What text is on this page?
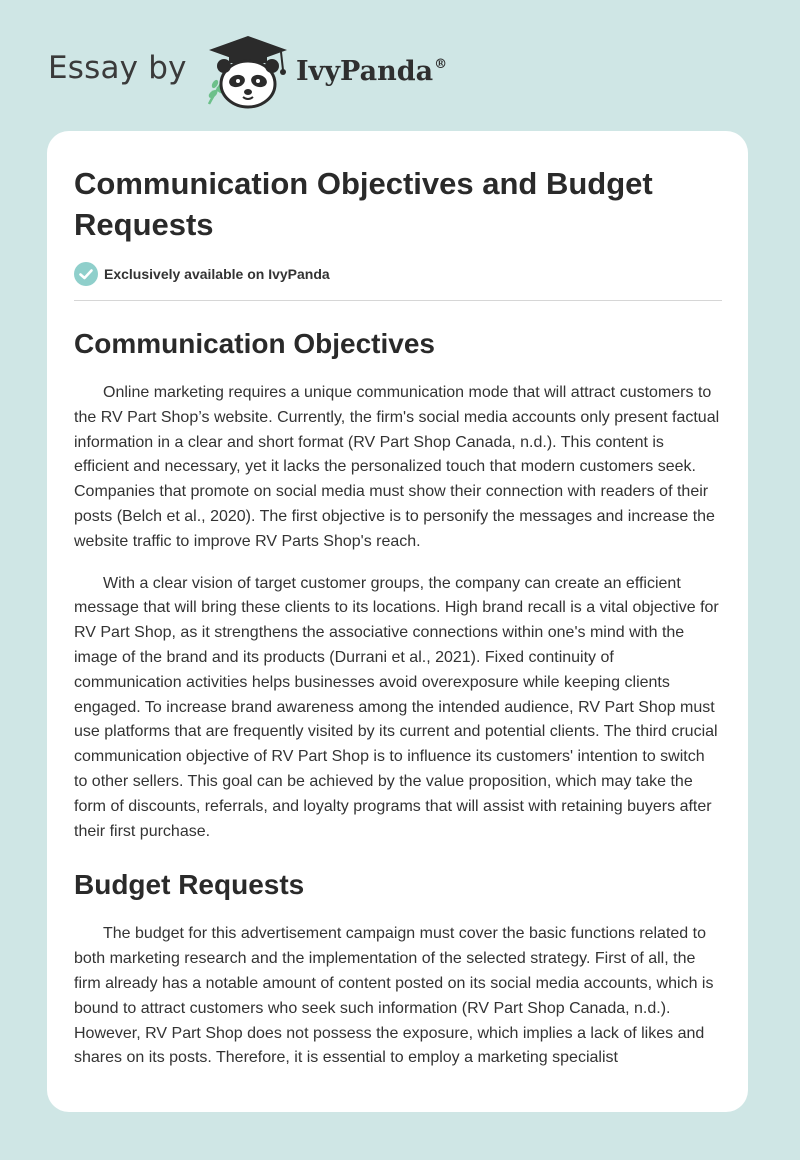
Essay by	IvyPanda®
Communication Objectives and Budget Requests
Exclusively available on IvyPanda
Communication Objectives

Online marketing requires a unique communication mode that will attract customers to the RV Part Shop’s website. Currently, the firm's social media accounts only present factual information in a clear and short format (RV Part Shop Canada, n.d.). This content is efficient and necessary, yet it lacks the personalized touch that modern customers seek. Companies that promote on social media must show their connection with readers of their posts (Belch et al., 2020). The first objective is to personify the messages and increase the website traffic to improve RV Parts Shop's reach.

With a clear vision of target customer groups, the company can create an efficient message that will bring these clients to its locations. High brand recall is a vital objective for RV Part Shop, as it strengthens the associative connections within one's mind with the image of the brand and its products (Durrani et al., 2021). Fixed continuity of communication activities helps businesses avoid overexposure while keeping clients engaged. To increase brand awareness among the intended audience, RV Part Shop must use platforms that are frequently visited by its current and potential clients. The third crucial communication objective of RV Part Shop is to influence its customers' intention to switch to other sellers. This goal can be achieved by the value proposition, which may take the form of discounts, referrals, and loyalty programs that will assist with retaining buyers after their first purchase.

Budget Requests

The budget for this advertisement campaign must cover the basic functions related to both marketing research and the implementation of the selected strategy. First of all, the firm already has a notable amount of content posted on its social media accounts, which is bound to attract customers who seek such information (RV Part Shop Canada, n.d.). However, RV Part Shop does not possess the exposure, which implies a lack of likes and shares on its posts. Therefore, it is essential to employ a marketing specialist
